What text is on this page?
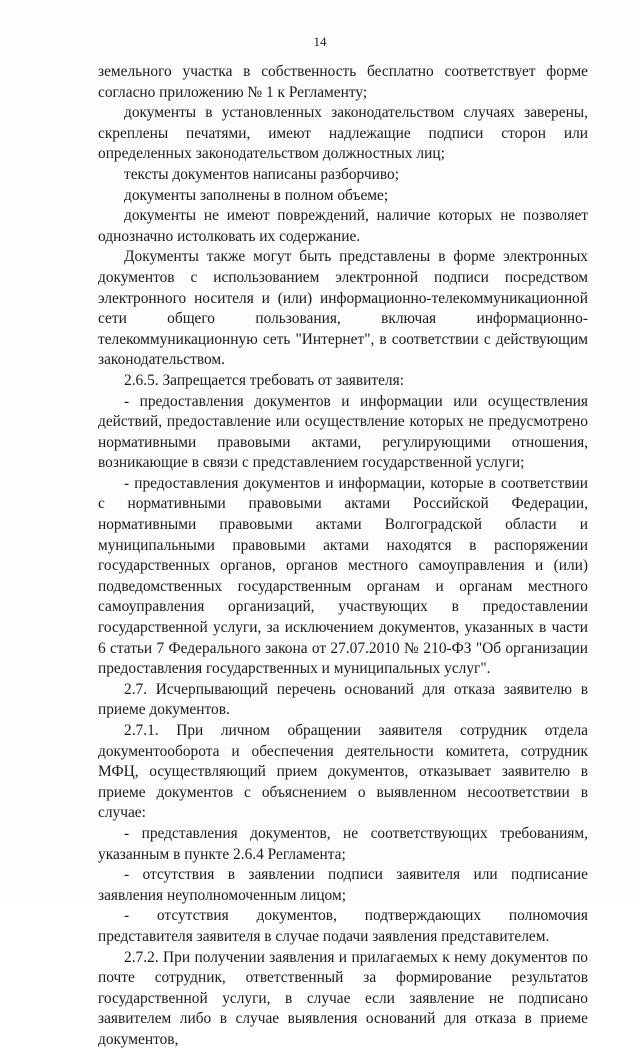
14

земельного участка в собственность бесплатно соответствует форме согласно приложению № 1 к Регламенту;

документы в установленных законодательством случаях заверены, скреплены печатями, имеют надлежащие подписи сторон или определенных законодательством должностных лиц;

тексты документов написаны разборчиво;

документы заполнены в полном объеме;

документы не имеют повреждений, наличие которых не позволяет однозначно истолковать их содержание.

Документы также могут быть представлены в форме электронных документов с использованием электронной подписи посредством электронного носителя и (или) информационно-телекоммуникационной сети общего пользования, включая информационно-телекоммуникационную сеть "Интернет", в соответствии с действующим законодательством.

2.6.5. Запрещается требовать от заявителя:

- предоставления документов и информации или осуществления действий, предоставление или осуществление которых не предусмотрено нормативными правовыми актами, регулирующими отношения, возникающие в связи с представлением государственной услуги;

- предоставления документов и информации, которые в соответствии с нормативными правовыми актами Российской Федерации, нормативными правовыми актами Волгоградской области и муниципальными правовыми актами находятся в распоряжении государственных органов, органов местного самоуправления и (или) подведомственных государственным органам и органам местного самоуправления организаций, участвующих в предоставлении государственной услуги, за исключением документов, указанных в части 6 статьи 7 Федерального закона от 27.07.2010 № 210-ФЗ "Об организации предоставления государственных и муниципальных услуг".

2.7. Исчерпывающий перечень оснований для отказа заявителю в приеме документов.

2.7.1. При личном обращении заявителя сотрудник отдела документооборота и обеспечения деятельности комитета, сотрудник МФЦ, осуществляющий прием документов, отказывает заявителю в приеме документов с объяснением о выявленном несоответствии в случае:

- представления документов, не соответствующих требованиям, указанным в пункте 2.6.4 Регламента;

- отсутствия в заявлении подписи заявителя или подписание заявления неуполномоченным лицом;

- отсутствия документов, подтверждающих полномочия представителя заявителя в случае подачи заявления представителем.

2.7.2. При получении заявления и прилагаемых к нему документов по почте сотрудник, ответственный за формирование результатов государственной услуги, в случае если заявление не подписано заявителем либо в случае выявления оснований для отказа в приеме документов,
